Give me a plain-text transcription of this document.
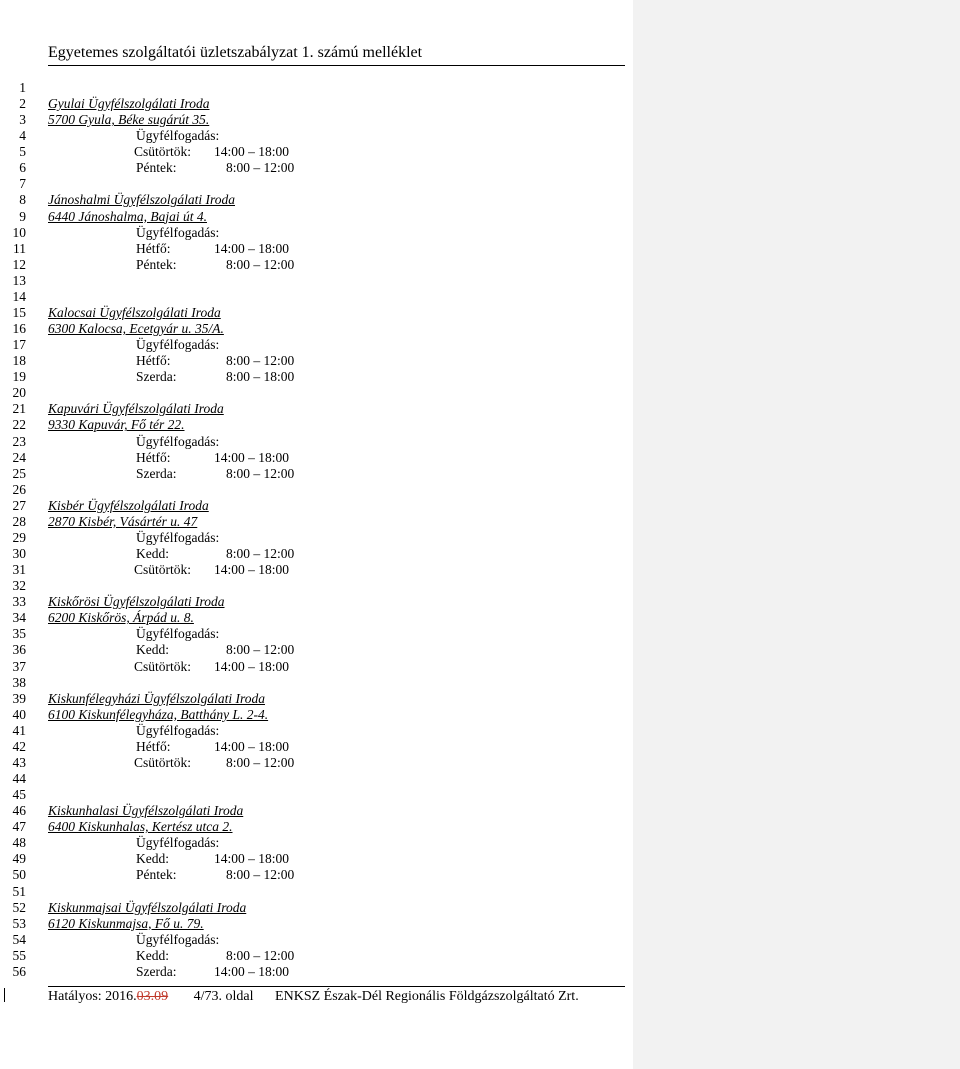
Egyetemes szolgáltatói üzletszabályzat 1. számú melléklet
1
2
3
4
5
6
7
8
9
10
11
12
13
14
15
16
17
18
19
20
21
22
23
24
25
26
27
28
29
30
31
32
33
34
35
36
37
38
39
40
41
42
43
44
45
46
47
48
49
50
51
52
53
54
55
56
Gyulai Ügyfélszolgálati Iroda
5700 Gyula, Béke sugárút 35.
Ügyfélfogadás:
Csütörtök: 14:00 – 18:00
Péntek:	8:00 – 12:00
Jánoshalmi Ügyfélszolgálati Iroda
6440 Jánoshalma, Bajai út 4.
Ügyfélfogadás:
Hétfő:	14:00 – 18:00
Péntek:	8:00 – 12:00
Kalocsai Ügyfélszolgálati Iroda
6300 Kalocsa, Ecetgyár u. 35/A.
Ügyfélfogadás:
Hétfő:	8:00 – 12:00
Szerda:	8:00 – 18:00
Kapuvári Ügyfélszolgálati Iroda
9330 Kapuvár, Fő tér 22.
Ügyfélfogadás:
Hétfő:	14:00 – 18:00
Szerda:	8:00 – 12:00
Kisbér Ügyfélszolgálati Iroda
2870 Kisbér, Vásártér u. 47
Ügyfélfogadás:
Kedd:	8:00 – 12:00
Csütörtök: 14:00 – 18:00
Kiskőrösi Ügyfélszolgálati Iroda
6200 Kiskőrös, Árpád u. 8.
Ügyfélfogadás:
Kedd:	8:00 – 12:00
Csütörtök: 14:00 – 18:00
Kiskunfélegyházi Ügyfélszolgálati Iroda
6100 Kiskunfélegyháza, Batthány L. 2-4.
Ügyfélfogadás:
Hétfő:	14:00 – 18:00
Csütörtök:	8:00 – 12:00
Kiskunhalasi Ügyfélszolgálati Iroda
6400 Kiskunhalas, Kertész utca 2.
Ügyfélfogadás:
Kedd:	14:00 – 18:00
Péntek:	8:00 – 12:00
Kiskunmajsai Ügyfélszolgálati Iroda
6120 Kiskunmajsa, Fő u. 79.
Ügyfélfogadás:
Kedd:	8:00 – 12:00
Szerda:	14:00 – 18:00
Hatályos: 2016.03.09 4/73. oldal ENKSZ Észak-Dél Regionális Földgázszolgáltató Zrt.
